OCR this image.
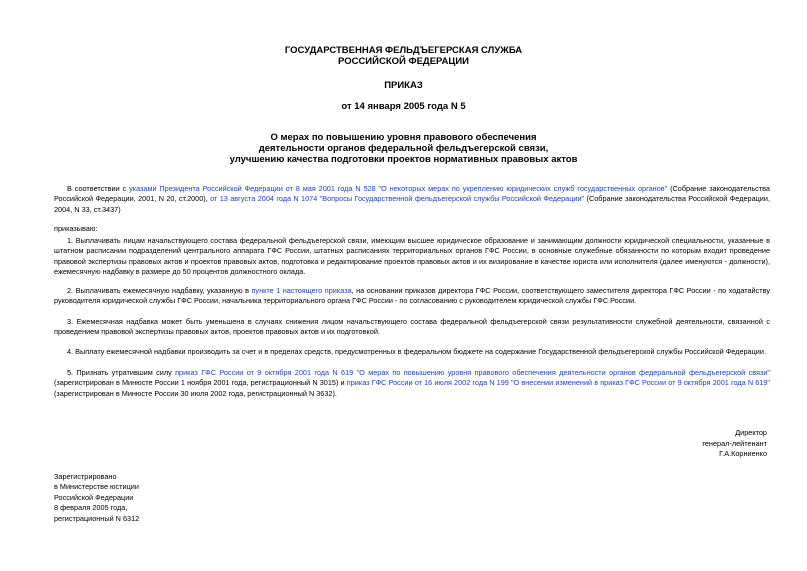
ГОСУДАРСТВЕННАЯ ФЕЛЬДЪЕГЕРСКАЯ СЛУЖБА
РОССИЙСКОЙ ФЕДЕРАЦИИ
ПРИКАЗ
от 14 января 2005 года N 5
О мерах по повышению уровня правового обеспечения
деятельности органов федеральной фельдъегерской связи,
улучшению качества подготовки проектов нормативных правовых актов
В соответствии с указами Президента Российской Федерации от 8 мая 2001 года N 528 "О некоторых мерах по укреплению юридических служб государственных органов" (Собрание законодательства Российской Федерации, 2001, N 20, ст.2000), от 13 августа 2004 года N 1074 "Вопросы Государственной фельдъегерской службы Российской Федерации" (Собрание законодательства Российской Федерации, 2004, N 33, ст.3437)
приказываю:
1. Выплачивать лицам начальствующего состава федеральной фельдъегерской связи, имеющим высшее юридическое образование и занимающим должности юридической специальности, указанные в штатном расписании подразделений центрального аппарата ГФС России, штатных расписаниях территориальных органов ГФС России, в основные служебные обязанности по которым входит проведение правовой экспертизы правовых актов и проектов правовых актов, подготовка и редактирование проектов правовых актов и их визирование в качестве юриста или исполнителя (далее именуются - должности), ежемесячную надбавку в размере до 50 процентов должностного оклада.
2. Выплачивать ежемесячную надбавку, указанную в пункте 1 настоящего приказа, на основании приказов директора ГФС России, соответствующего заместителя директора ГФС России - по ходатайству руководителя юридической службы ГФС России, начальника территориального органа ГФС России - по согласованию с руководителем юридической службы ГФС России.
3. Ежемесячная надбавка может быть уменьшена в случаях снижения лицом начальствующего состава федеральной фельдъегерской связи результативности служебной деятельности, связанной с проведением правовой экспертизы правовых актов, проектов правовых актов и их подготовкой.
4. Выплату ежемесячной надбавки производить за счет и в пределах средств, предусмотренных в федеральном бюджете на содержание Государственной фельдъегерской службы Российской Федерации.
5. Признать утратившим силу приказ ГФС России от 9 октября 2001 года N 619 "О мерах по повышению уровня правового обеспечения деятельности органов федеральной фельдъегерской связи" (зарегистрирован в Минюсте России 1 ноября 2001 года, регистрационный N 3015) и приказ ГФС России от 16 июля 2002 года N 199 "О внесении изменений в приказ ГФС России от 9 октября 2001 года N 619" (зарегистрирован в Минюсте России 30 июля 2002 года, регистрационный N 3632).
Директор
генерал-лейтенант
Г.А.Корниенко
Зарегистрировано
в Министерстве юстиции
Российской Федерации
8 февраля 2005 года,
регистрационный N 6312
